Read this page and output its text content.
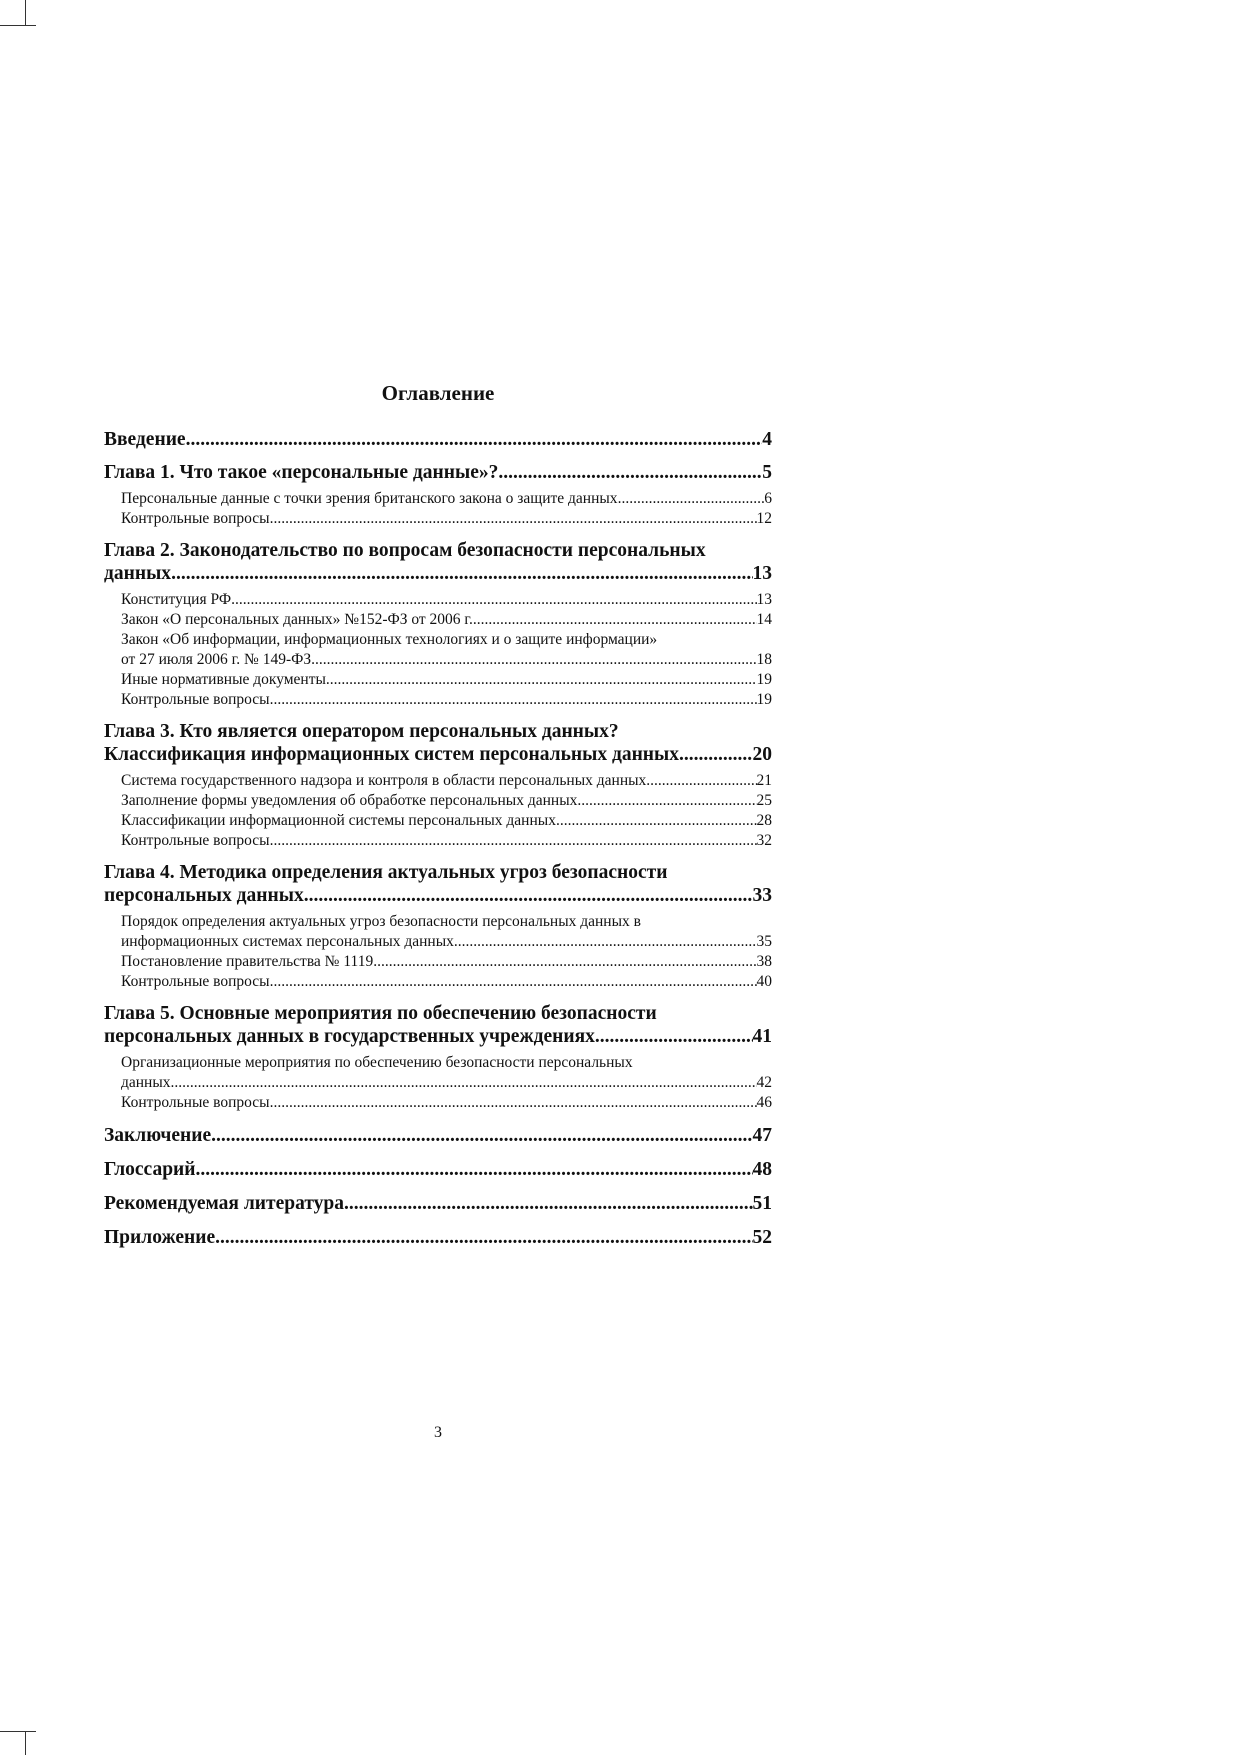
Оглавление
Введение .....	4
Глава 1. Что такое «персональные данные»? .....	5
Персональные данные с точки зрения британского закона о защите данных .....	6
Контрольные вопросы .....	12
Глава 2. Законодательство по вопросам безопасности персональных
данных .....	13
Конституция РФ .....	13
Закон «О персональных данных» №152-ФЗ от 2006 г. .....	14
Закон «Об информации, информационных технологиях и о защите информации»
от 27 июля 2006 г. № 149-ФЗ .....	18
Иные нормативные документы .....	19
Контрольные вопросы .....	19
Глава 3. Кто является оператором персональных данных?
Классификация информационных систем персональных данных .....	20
Система государственного надзора и контроля в области персональных данных .....	21
Заполнение формы уведомления об обработке персональных данных .....	25
Классификации информационной системы персональных данных .....	28
Контрольные вопросы .....	32
Глава 4. Методика определения актуальных угроз безопасности
персональных данных .....	33
Порядок определения актуальных угроз безопасности персональных данных в
информационных системах персональных данных .....	35
Постановление правительства № 1119 .....	38
Контрольные вопросы .....	40
Глава 5. Основные мероприятия по обеспечению безопасности
персональных данных в государственных учреждениях .....	41
Организационные мероприятия по обеспечению безопасности персональных
данных .....	42
Контрольные вопросы .....	46
Заключение .....	47
Глоссарий .....	48
Рекомендуемая литература .....	51
Приложение .....	52
3
